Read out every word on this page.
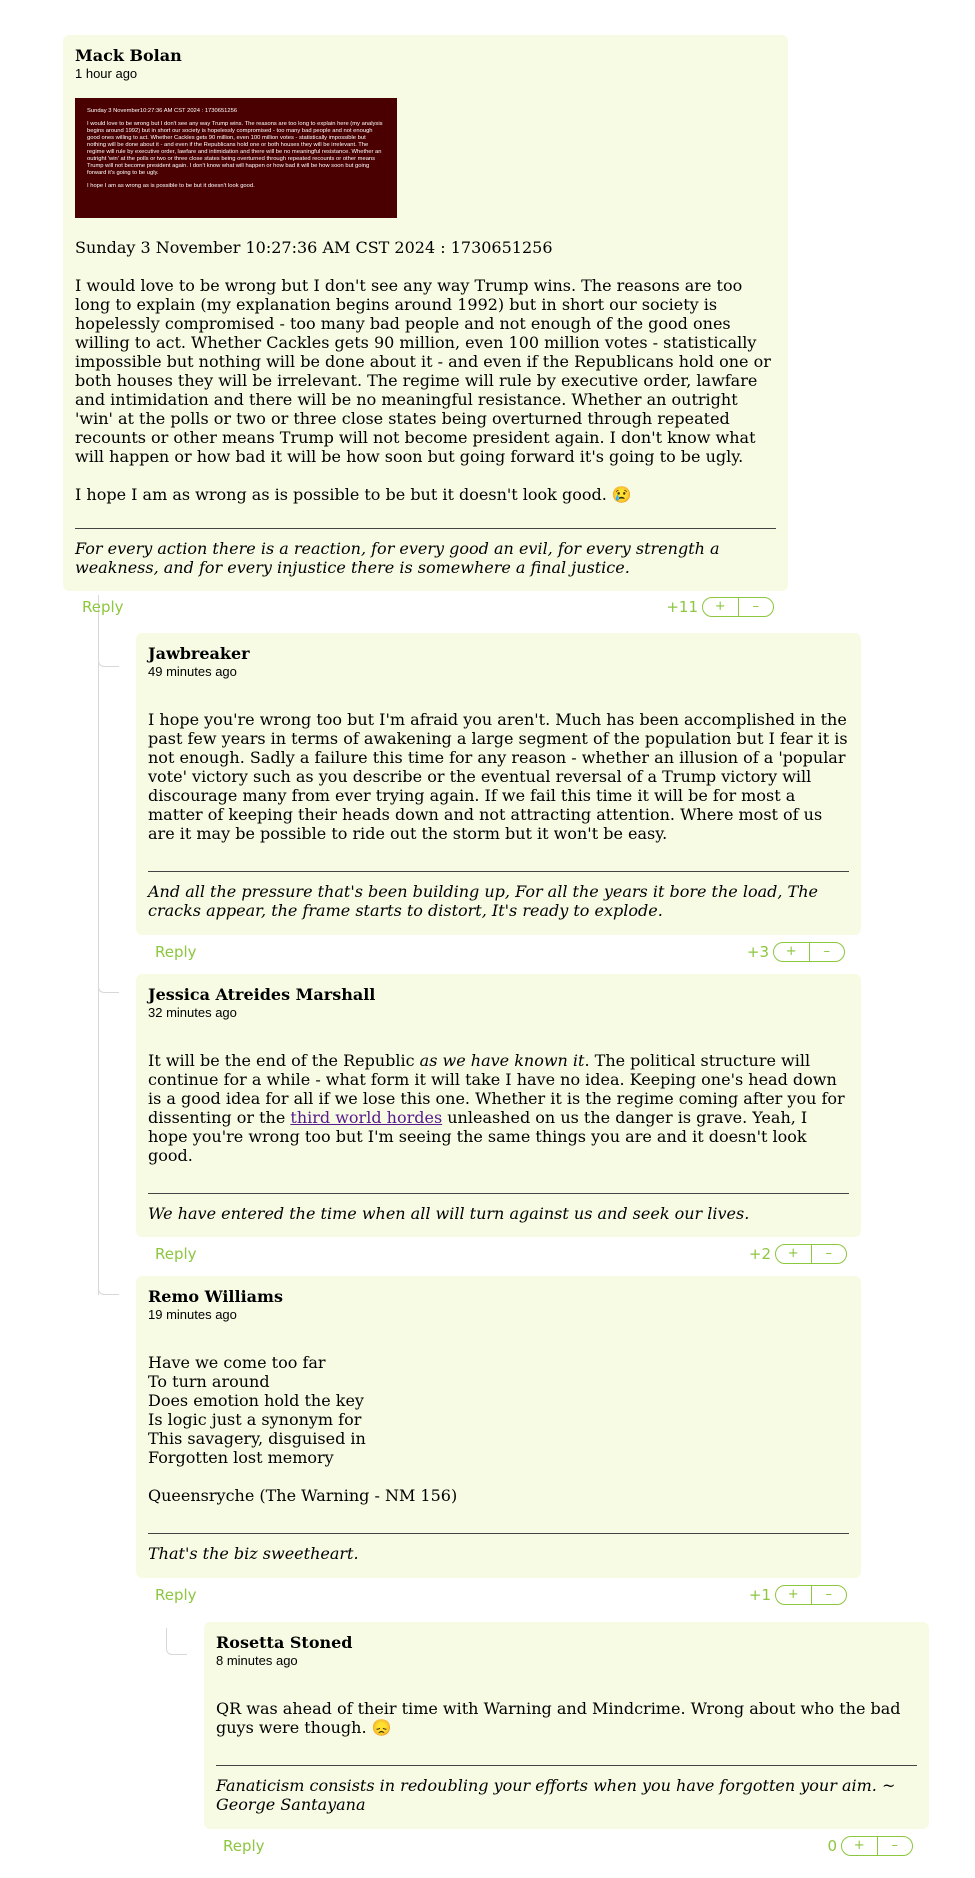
Mack Bolan
1 hour ago

Sunday 3 November10:27:36 AM CST 2024 : 1730651256

I would love to be wrong but I don't see any way Trump wins. The reasons are too long to explain here (my analysis begins around 1992) but in short our society is hopelessly compromised - too many bad people and not enough good ones willing to act. Whether Cackles gets 90 million, even 100 million votes - statistically impossible but nothing will be done about it - and even if the Republicans hold one or both houses they will be irrelevant. The regime will rule by executive order, lawfare and intimidation and there will be no meaningful resistance. Whether an outright 'win' at the polls or two or three close states being overturned through repeated recounts or other means Trump will not become president again. I don't know what will happen or how bad it will be how soon but going forward it's going to be ugly.

I hope I am as wrong as is possible to be but it doesn't look good.

Sunday 3 November 10:27:36 AM CST 2024 : 1730651256

I would love to be wrong but I don't see any way Trump wins. The reasons are too long to explain (my explanation begins around 1992) but in short our society is hopelessly compromised - too many bad people and not enough of the good ones willing to act. Whether Cackles gets 90 million, even 100 million votes - statistically impossible but nothing will be done about it - and even if the Republicans hold one or both houses they will be irrelevant. The regime will rule by executive order, lawfare and intimidation and there will be no meaningful resistance. Whether an outright 'win' at the polls or two or three close states being overturned through repeated recounts or other means Trump will not become president again. I don't know what will happen or how bad it will be how soon but going forward it's going to be ugly.

I hope I am as wrong as is possible to be but it doesn't look good. 😢

For every action there is a reaction, for every good an evil, for every strength a weakness, and for every injustice there is somewhere a final justice.
Reply	+11	+	–
Jawbreaker
49 minutes ago

I hope you're wrong too but I'm afraid you aren't. Much has been accomplished in the past few years in terms of awakening a large segment of the population but I fear it is not enough. Sadly a failure this time for any reason - whether an illusion of a 'popular vote' victory such as you describe or the eventual reversal of a Trump victory will discourage many from ever trying again. If we fail this time it will be for most a matter of keeping their heads down and not attracting attention. Where most of us are it may be possible to ride out the storm but it won't be easy.

And all the pressure that's been building up, For all the years it bore the load, The cracks appear, the frame starts to distort, It's ready to explode.
Reply	+3	+	–
Jessica Atreides Marshall
32 minutes ago

It will be the end of the Republic as we have known it. The political structure will continue for a while - what form it will take I have no idea. Keeping one's head down is a good idea for all if we lose this one. Whether it is the regime coming after you for dissenting or the third world hordes unleashed on us the danger is grave. Yeah, I hope you're wrong too but I'm seeing the same things you are and it doesn't look good.

We have entered the time when all will turn against us and seek our lives.
Reply	+2	+	–
Remo Williams
19 minutes ago

Have we come too far
To turn around
Does emotion hold the key
Is logic just a synonym for
This savagery, disguised in
Forgotten lost memory

Queensryche (The Warning - NM 156)

That's the biz sweetheart.
Reply	+1	+	–
Rosetta Stoned
8 minutes ago

QR was ahead of their time with Warning and Mindcrime. Wrong about who the bad guys were though. 😞

Fanaticism consists in redoubling your efforts when you have forgotten your aim. ~ George Santayana
Reply	0	+	–
